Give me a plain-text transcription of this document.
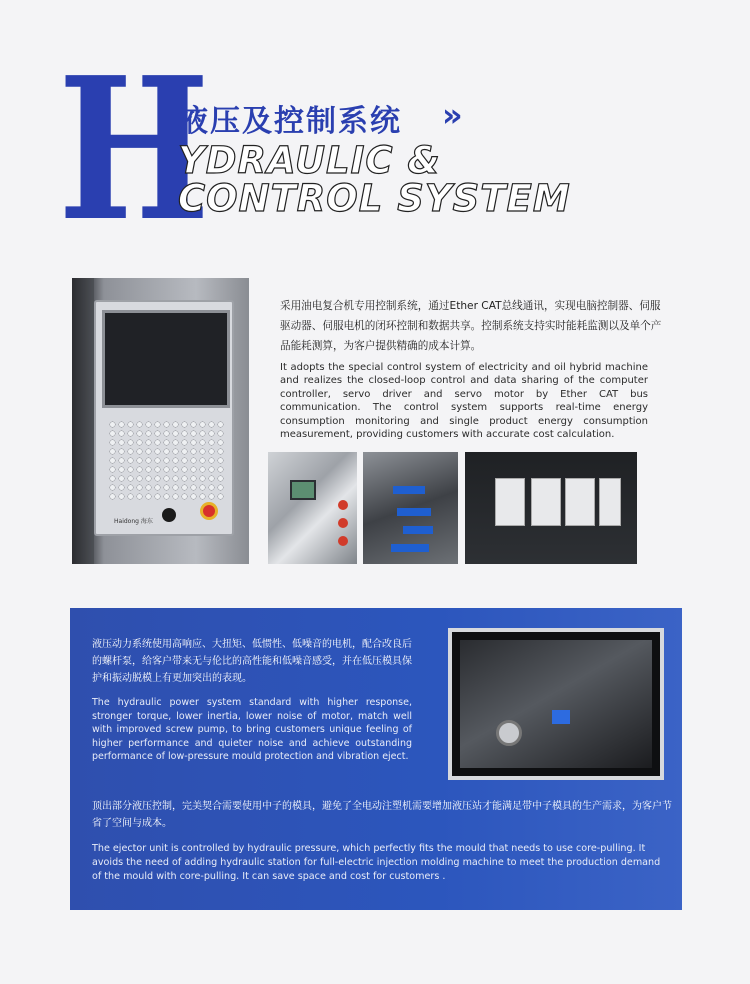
H
液压及控制系统 »
YDRAULIC &
CONTROL SYSTEM
Haidong 海东
采用油电复合机专用控制系统，通过Ether CAT总线通讯，实现电脑控制器、伺服驱动器、伺服电机的闭环控制和数据共享。控制系统支持实时能耗监测以及单个产品能耗测算，为客户提供精确的成本计算。
It adopts the special control system of electricity and oil hybrid machine and realizes the closed-loop control and data sharing of the computer controller, servo driver and servo motor by Ether CAT bus communication. The control system supports real-time energy consumption monitoring and single product energy consumption measurement, providing customers with accurate cost calculation.
液压动力系统使用高响应、大扭矩、低惯性、低噪音的电机，配合改良后的螺杆泵，给客户带来无与伦比的高性能和低噪音感受，并在低压模具保护和振动脱模上有更加突出的表现。
The hydraulic power system standard with higher response, stronger torque, lower inertia, lower noise of motor, match well with improved screw pump, to bring customers unique feeling of higher performance and quieter noise and achieve outstanding performance of low-pressure mould protection and vibration eject.
顶出部分液压控制，完美契合需要使用中子的模具，避免了全电动注塑机需要增加液压站才能满足带中子模具的生产需求，为客户节省了空间与成本。
The ejector unit is controlled by hydraulic pressure, which perfectly fits the mould that needs to use core-pulling. It avoids the need of adding hydraulic station for full-electric injection molding machine to meet the production demand of the mould with core-pulling. It can save space and cost for customers .
